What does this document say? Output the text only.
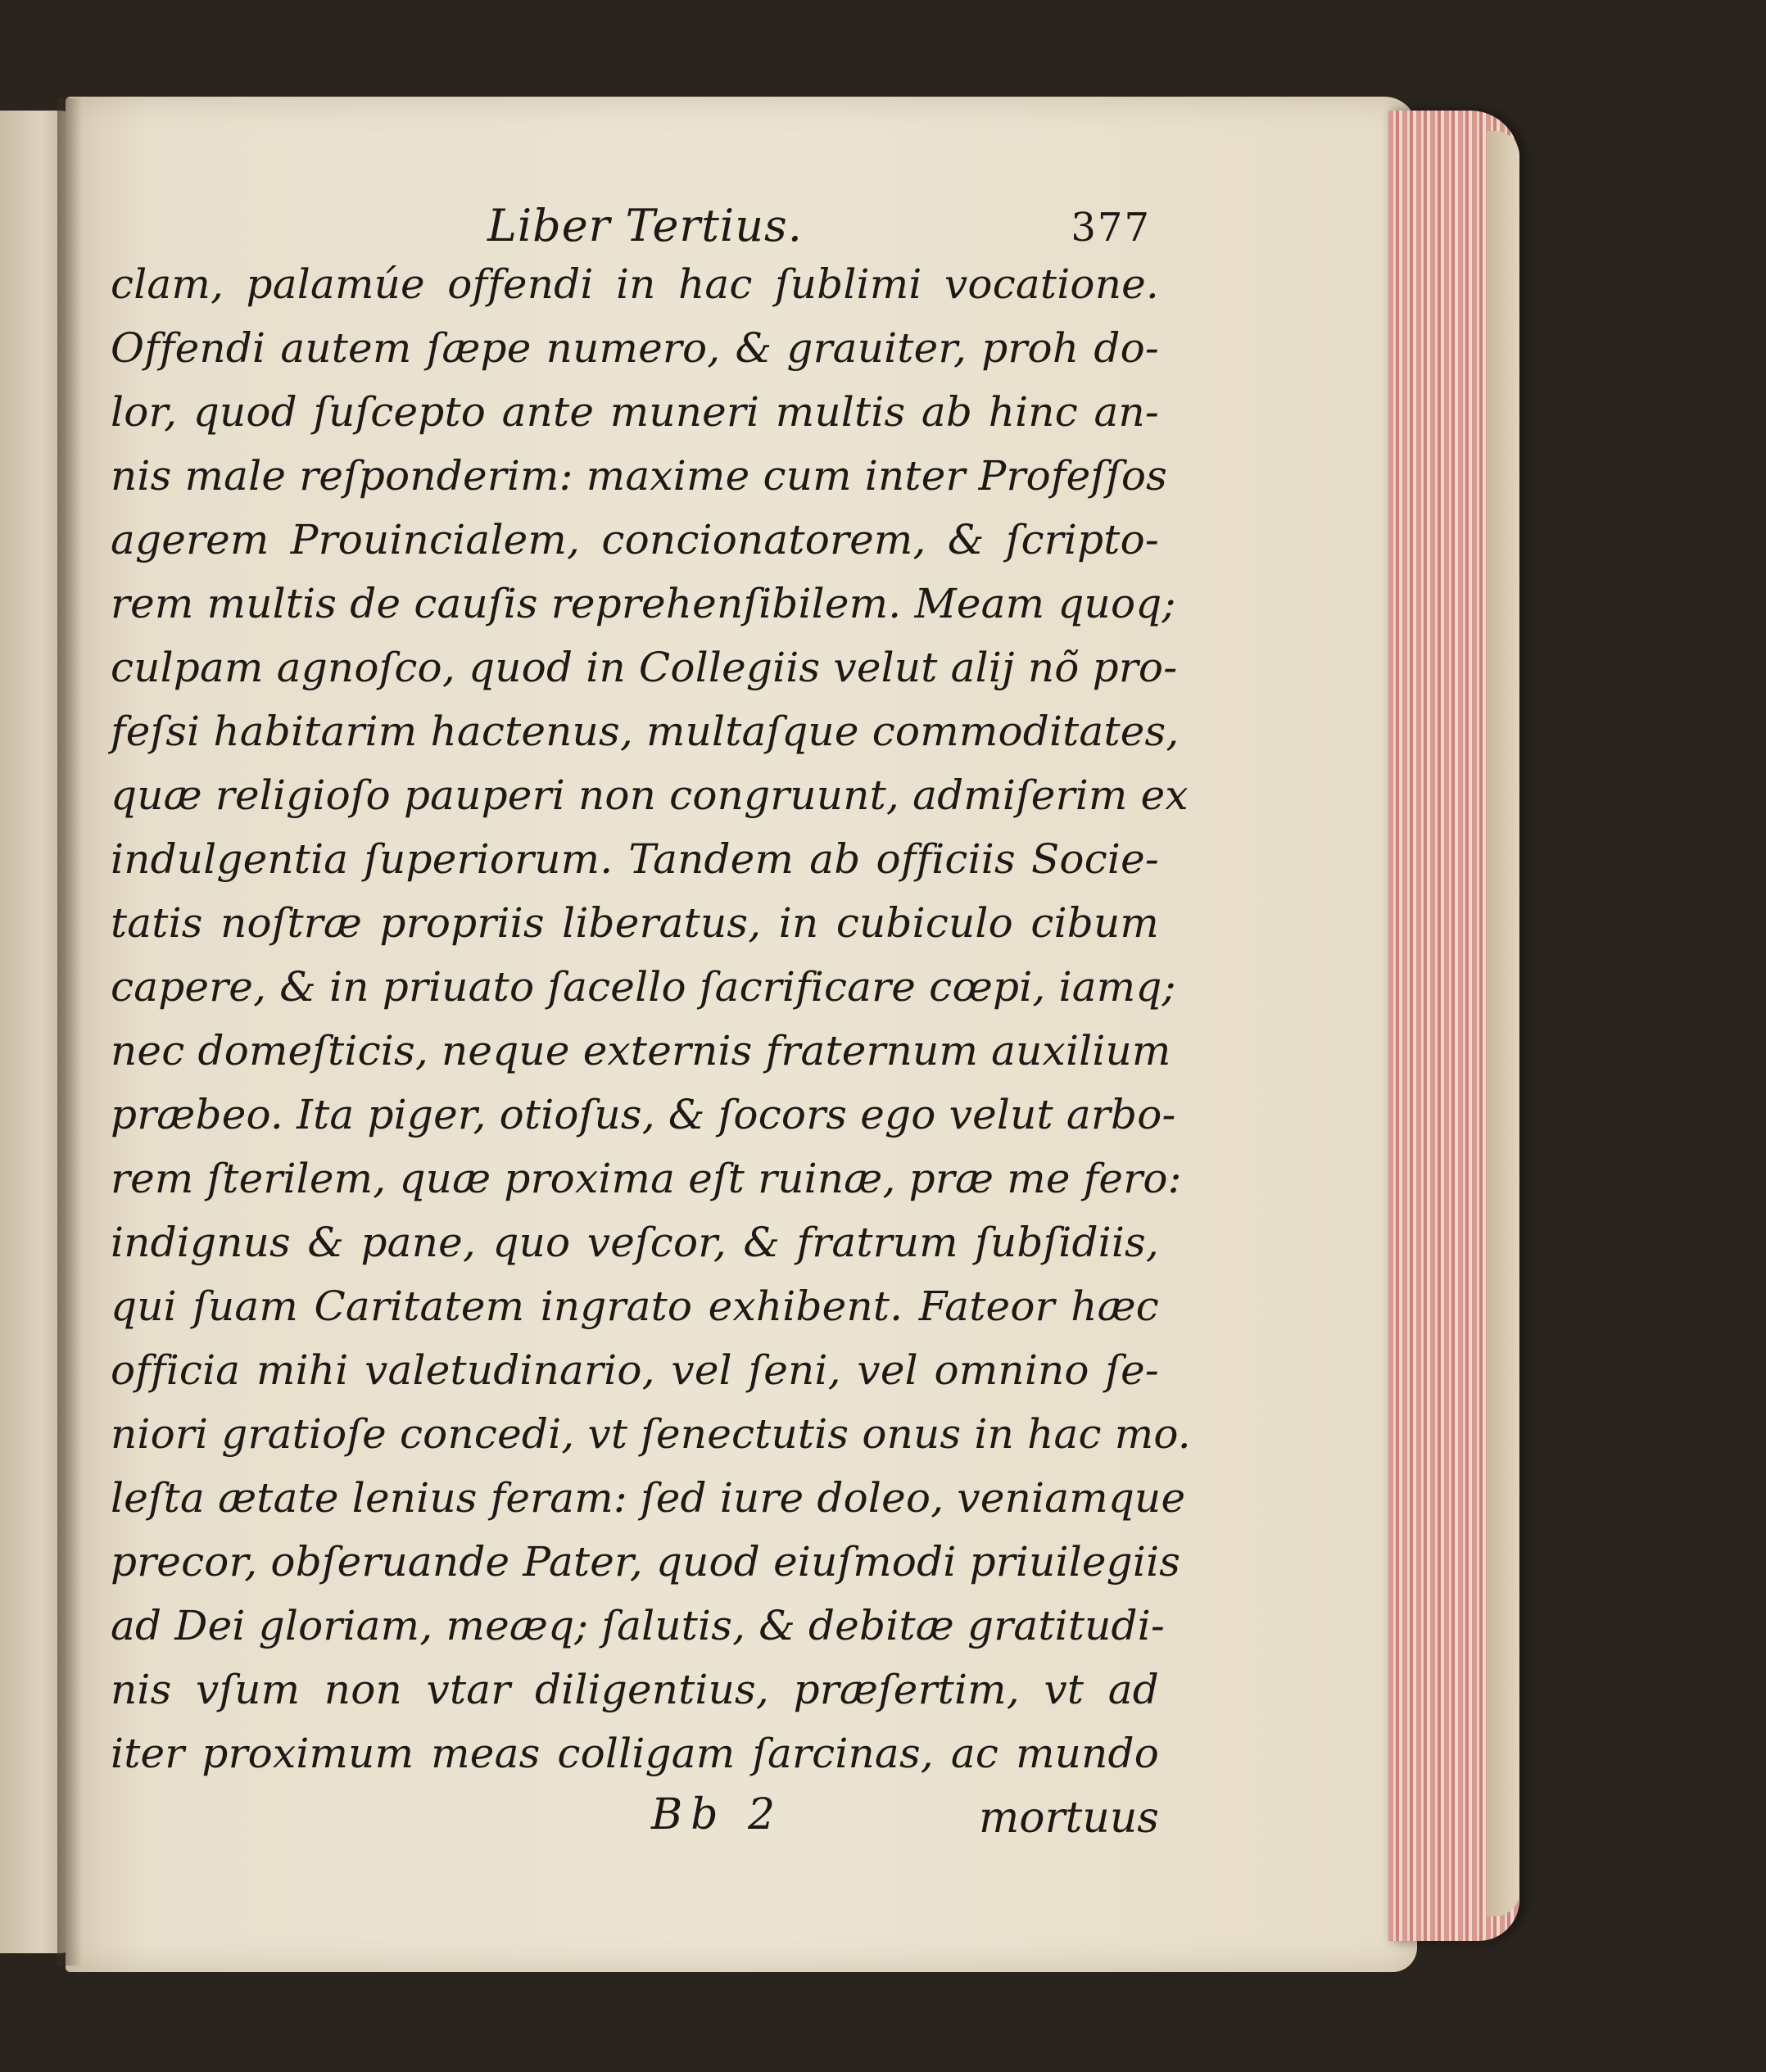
Liber Tertius.	377
clam, palamúe offendi in hac ſublimi vocatione.
Offendi autem ſæpe numero, & grauiter, proh do-
lor, quod ſuſcepto ante muneri multis ab hinc an-
nis male reſponderim: maxime cum inter Profeſſos
agerem Prouincialem, concionatorem, & ſcripto-
rem multis de cauſis reprehenſibilem. Meam quoq;
culpam agnoſco, quod in Collegiis velut alij nõ pro-
feſsi habitarim hactenus, multaſque commoditates,
quæ religioſo pauperi non congruunt, admiſerim ex
indulgentia ſuperiorum. Tandem ab officiis Socie-
tatis noſtræ propriis liberatus, in cubiculo cibum
capere, & in priuato ſacello ſacrificare cœpi, iamq;
nec domeſticis, neque externis fraternum auxilium
præbeo. Ita piger, otioſus, & ſocors ego velut arbo-
rem ſterilem, quæ proxima eſt ruinæ, præ me fero:
indignus & pane, quo veſcor, & fratrum ſubſidiis,
qui ſuam Caritatem ingrato exhibent. Fateor hæc
officia mihi valetudinario, vel ſeni, vel omnino ſe-
niori gratioſe concedi, vt ſenectutis onus in hac mo.
leſta ætate lenius feram: ſed iure doleo, veniamque
precor, obſeruande Pater, quod eiuſmodi priuilegiis
ad Dei gloriam, meæq; ſalutis, & debitæ gratitudi-
nis vſum non vtar diligentius, præſertim, vt ad
iter proximum meas colligam ſarcinas, ac mundo
Bb 2	mortuus
